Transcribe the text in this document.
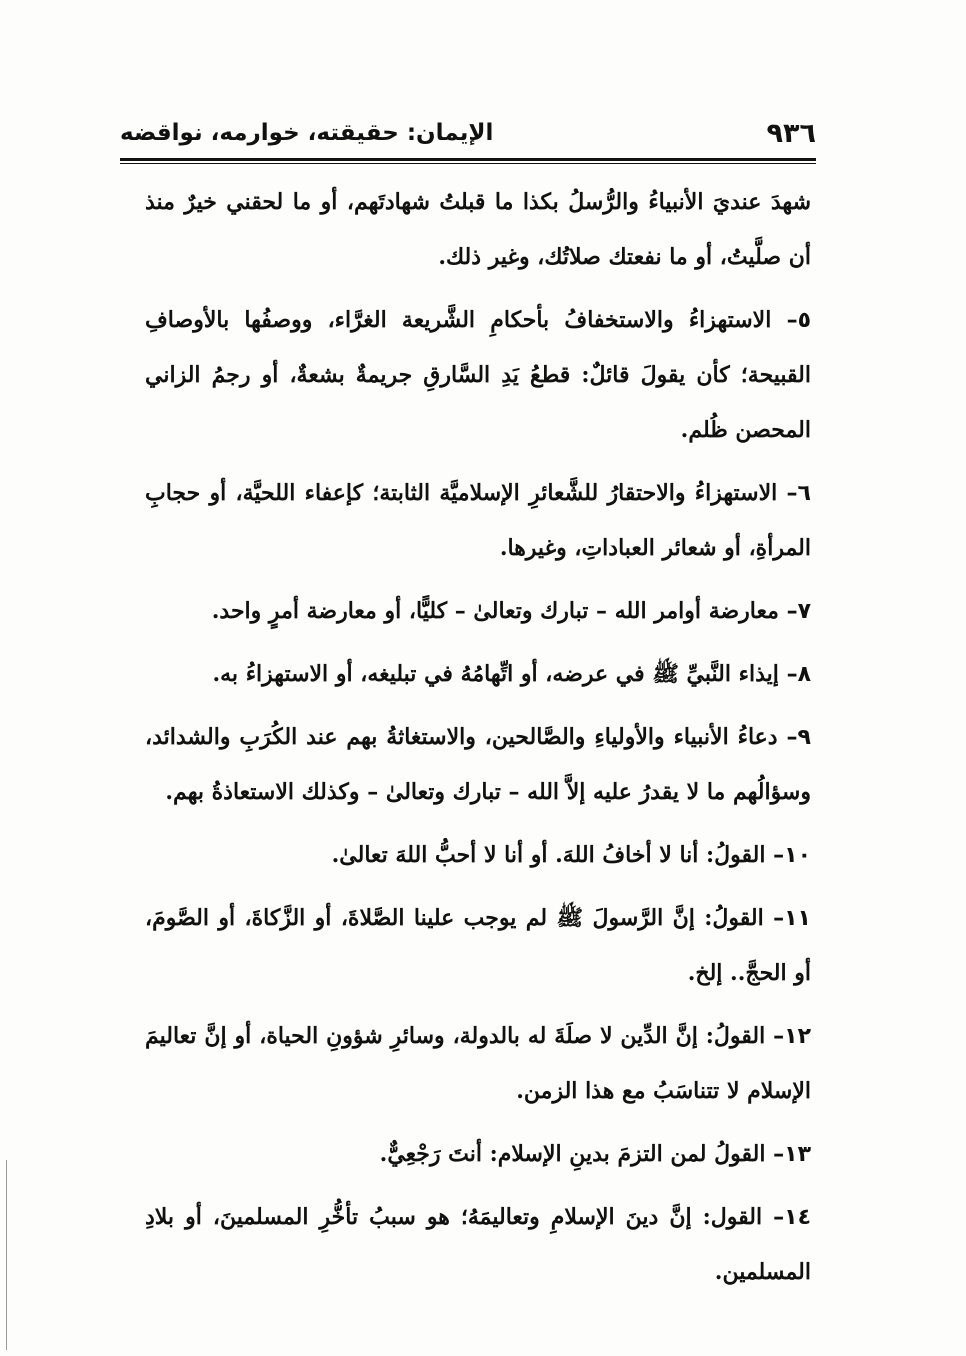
٩٣٦
الإيمان: حقيقته، خوارمه، نواقضه

شهدَ عنديَ الأنبياءُ والرُّسلُ بكذا ما قبلتُ شهادتَهم، أو ما لحقني خيرٌ منذ أن صلَّيتُ، أو ما نفعتك صلاتُك، وغير ذلك.

٥– الاستهزاءُ والاستخفافُ بأحكامِ الشَّريعة الغرَّاء، ووصفُها بالأوصافِ القبيحة؛ كأن يقولَ قائلٌ: قطعُ يَدِ السَّارقِ جريمةٌ بشعةٌ، أو رجمُ الزاني المحصن ظُلم.

٦– الاستهزاءُ والاحتقارُ للشَّعائرِ الإسلاميَّة الثابتة؛ كإعفاء اللحيَّة، أو حجابِ المرأةِ، أو شعائر العباداتِ، وغيرها.

٧– معارضة أوامر الله – تبارك وتعالىٰ – كليًّا، أو معارضة أمرٍ واحد.

٨– إيذاء النَّبيِّ ﷺ في عرضه، أو اتِّهامُهُ في تبليغه، أو الاستهزاءُ به.

٩– دعاءُ الأنبياء والأولياءِ والصَّالحين، والاستغاثةُ بهم عند الكُرَبِ والشدائد، وسؤالُهم ما لا يقدرُ عليه إلاَّ الله – تبارك وتعالىٰ – وكذلك الاستعاذةُ بهم.

١٠– القولُ: أنا لا أخافُ اللهَ. أو أنا لا أحبُّ اللهَ تعالىٰ.

١١– القولُ: إنَّ الرَّسولَ ﷺ لم يوجب علينا الصَّلاةَ، أو الزَّكاةَ، أو الصَّومَ، أو الحجَّ.. إلخ.

١٢– القولُ: إنَّ الدِّين لا صلَةَ له بالدولة، وسائرِ شؤونِ الحياة، أو إنَّ تعاليمَ الإسلام لا تتناسَبُ مع هذا الزمن.

١٣– القولُ لمن التزمَ بدينِ الإسلام: أنتَ رَجْعِيٌّ.

١٤– القول: إنَّ دينَ الإسلامِ وتعاليمَهُ؛ هو سببُ تأخُّرِ المسلمينَ، أو بلادِ المسلمين.
